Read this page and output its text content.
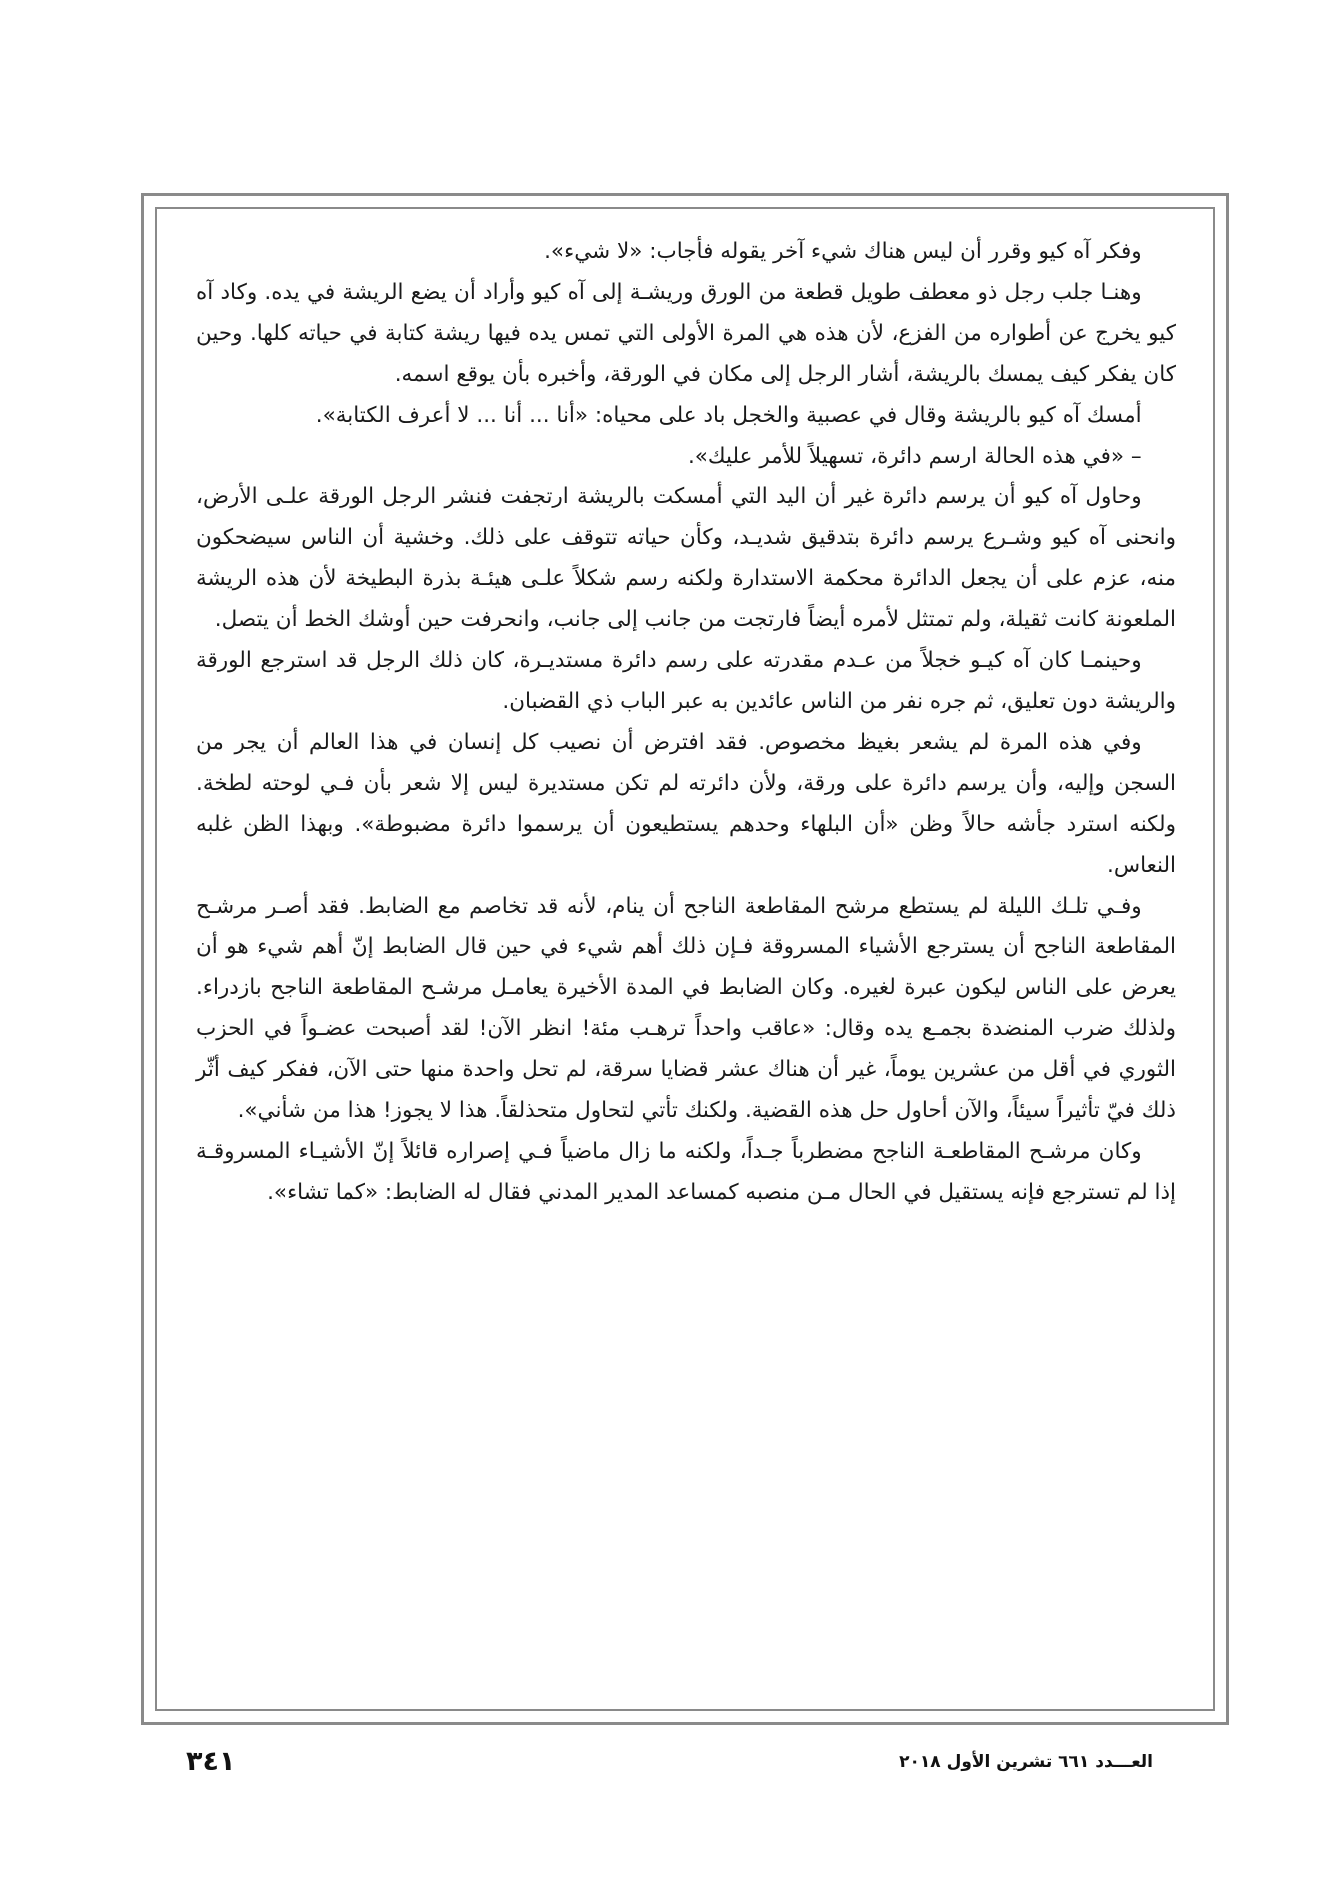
وفكر آه كيو وقرر أن ليس هناك شيء آخر يقوله فأجاب: «لا شيء».

وهنـا جلب رجل ذو معطف طويل قطعة من الورق وريشـة إلى آه كيو وأراد أن يضع الريشة في يده. وكاد آه كيو يخرج عن أطواره من الفزع، لأن هذه هي المرة الأولى التي تمس يده فيها ريشة كتابة في حياته كلها. وحين كان يفكر كيف يمسك بالريشة، أشار الرجل إلى مكان في الورقة، وأخبره بأن يوقع اسمه.

أمسك آه كيو بالريشة وقال في عصبية والخجل باد على محياه: «أنا ... أنا ... لا أعرف الكتابة».

– «في هذه الحالة ارسم دائرة، تسهيلاً للأمر عليك».

وحاول آه كيو أن يرسم دائرة غير أن اليد التي أمسكت بالريشة ارتجفت فنشر الرجل الورقة علـى الأرض، وانحنى آه كيو وشـرع يرسم دائرة بتدقيق شديـد، وكأن حياته تتوقف على ذلك. وخشية أن الناس سيضحكون منه، عزم على أن يجعل الدائرة محكمة الاستدارة ولكنه رسم شكلاً علـى هيئـة بذرة البطيخة لأن هذه الريشة الملعونة كانت ثقيلة، ولم تمتثل لأمره أيضاً فارتجت من جانب إلى جانب، وانحرفت حين أوشك الخط أن يتصل.

وحينمـا كان آه كيـو خجلاً من عـدم مقدرته على رسم دائرة مستديـرة، كان ذلك الرجل قد استرجع الورقة والريشة دون تعليق، ثم جره نفر من الناس عائدين به عبر الباب ذي القضبان.

وفي هذه المرة لم يشعر بغيظ مخصوص. فقد افترض أن نصيب كل إنسان في هذا العالم أن يجر من السجن وإليه، وأن يرسم دائرة على ورقة، ولأن دائرته لم تكن مستديرة ليس إلا شعر بأن فـي لوحته لطخة. ولكنه استرد جأشه حالاً وظن «أن البلهاء وحدهم يستطيعون أن يرسموا دائرة مضبوطة». وبهذا الظن غلبه النعاس.

وفـي تلـك الليلة لم يستطع مرشح المقاطعة الناجح أن ينام، لأنه قد تخاصم مع الضابط. فقد أصـر مرشـح المقاطعة الناجح أن يسترجع الأشياء المسروقة فـإن ذلك أهم شيء في حين قال الضابط إنّ أهم شيء هو أن يعرض على الناس ليكون عبرة لغيره. وكان الضابط في المدة الأخيرة يعامـل مرشـح المقاطعة الناجح بازدراء. ولذلك ضرب المنضدة بجمـع يده وقال: «عاقب واحداً ترهـب مئة! انظر الآن! لقد أصبحت عضـواً في الحزب الثوري في أقل من عشرين يوماً، غير أن هناك عشر قضايا سرقة، لم تحل واحدة منها حتى الآن، ففكر كيف أثّر ذلك فيّ تأثيراً سيئاً، والآن أحاول حل هذه القضية. ولكنك تأتي لتحاول متحذلقاً. هذا لا يجوز! هذا من شأني».

وكان مرشـح المقاطعـة الناجح مضطرباً جـداً، ولكنه ما زال ماضياً فـي إصراره قائلاً إنّ الأشيـاء المسروقـة إذا لم تسترجع فإنه يستقيل في الحال مـن منصبه كمساعد المدير المدني فقال له الضابط: «كما تشاء».

٣٤١	العـــدد ٦٦١ تشرين الأول ٢٠١٨
